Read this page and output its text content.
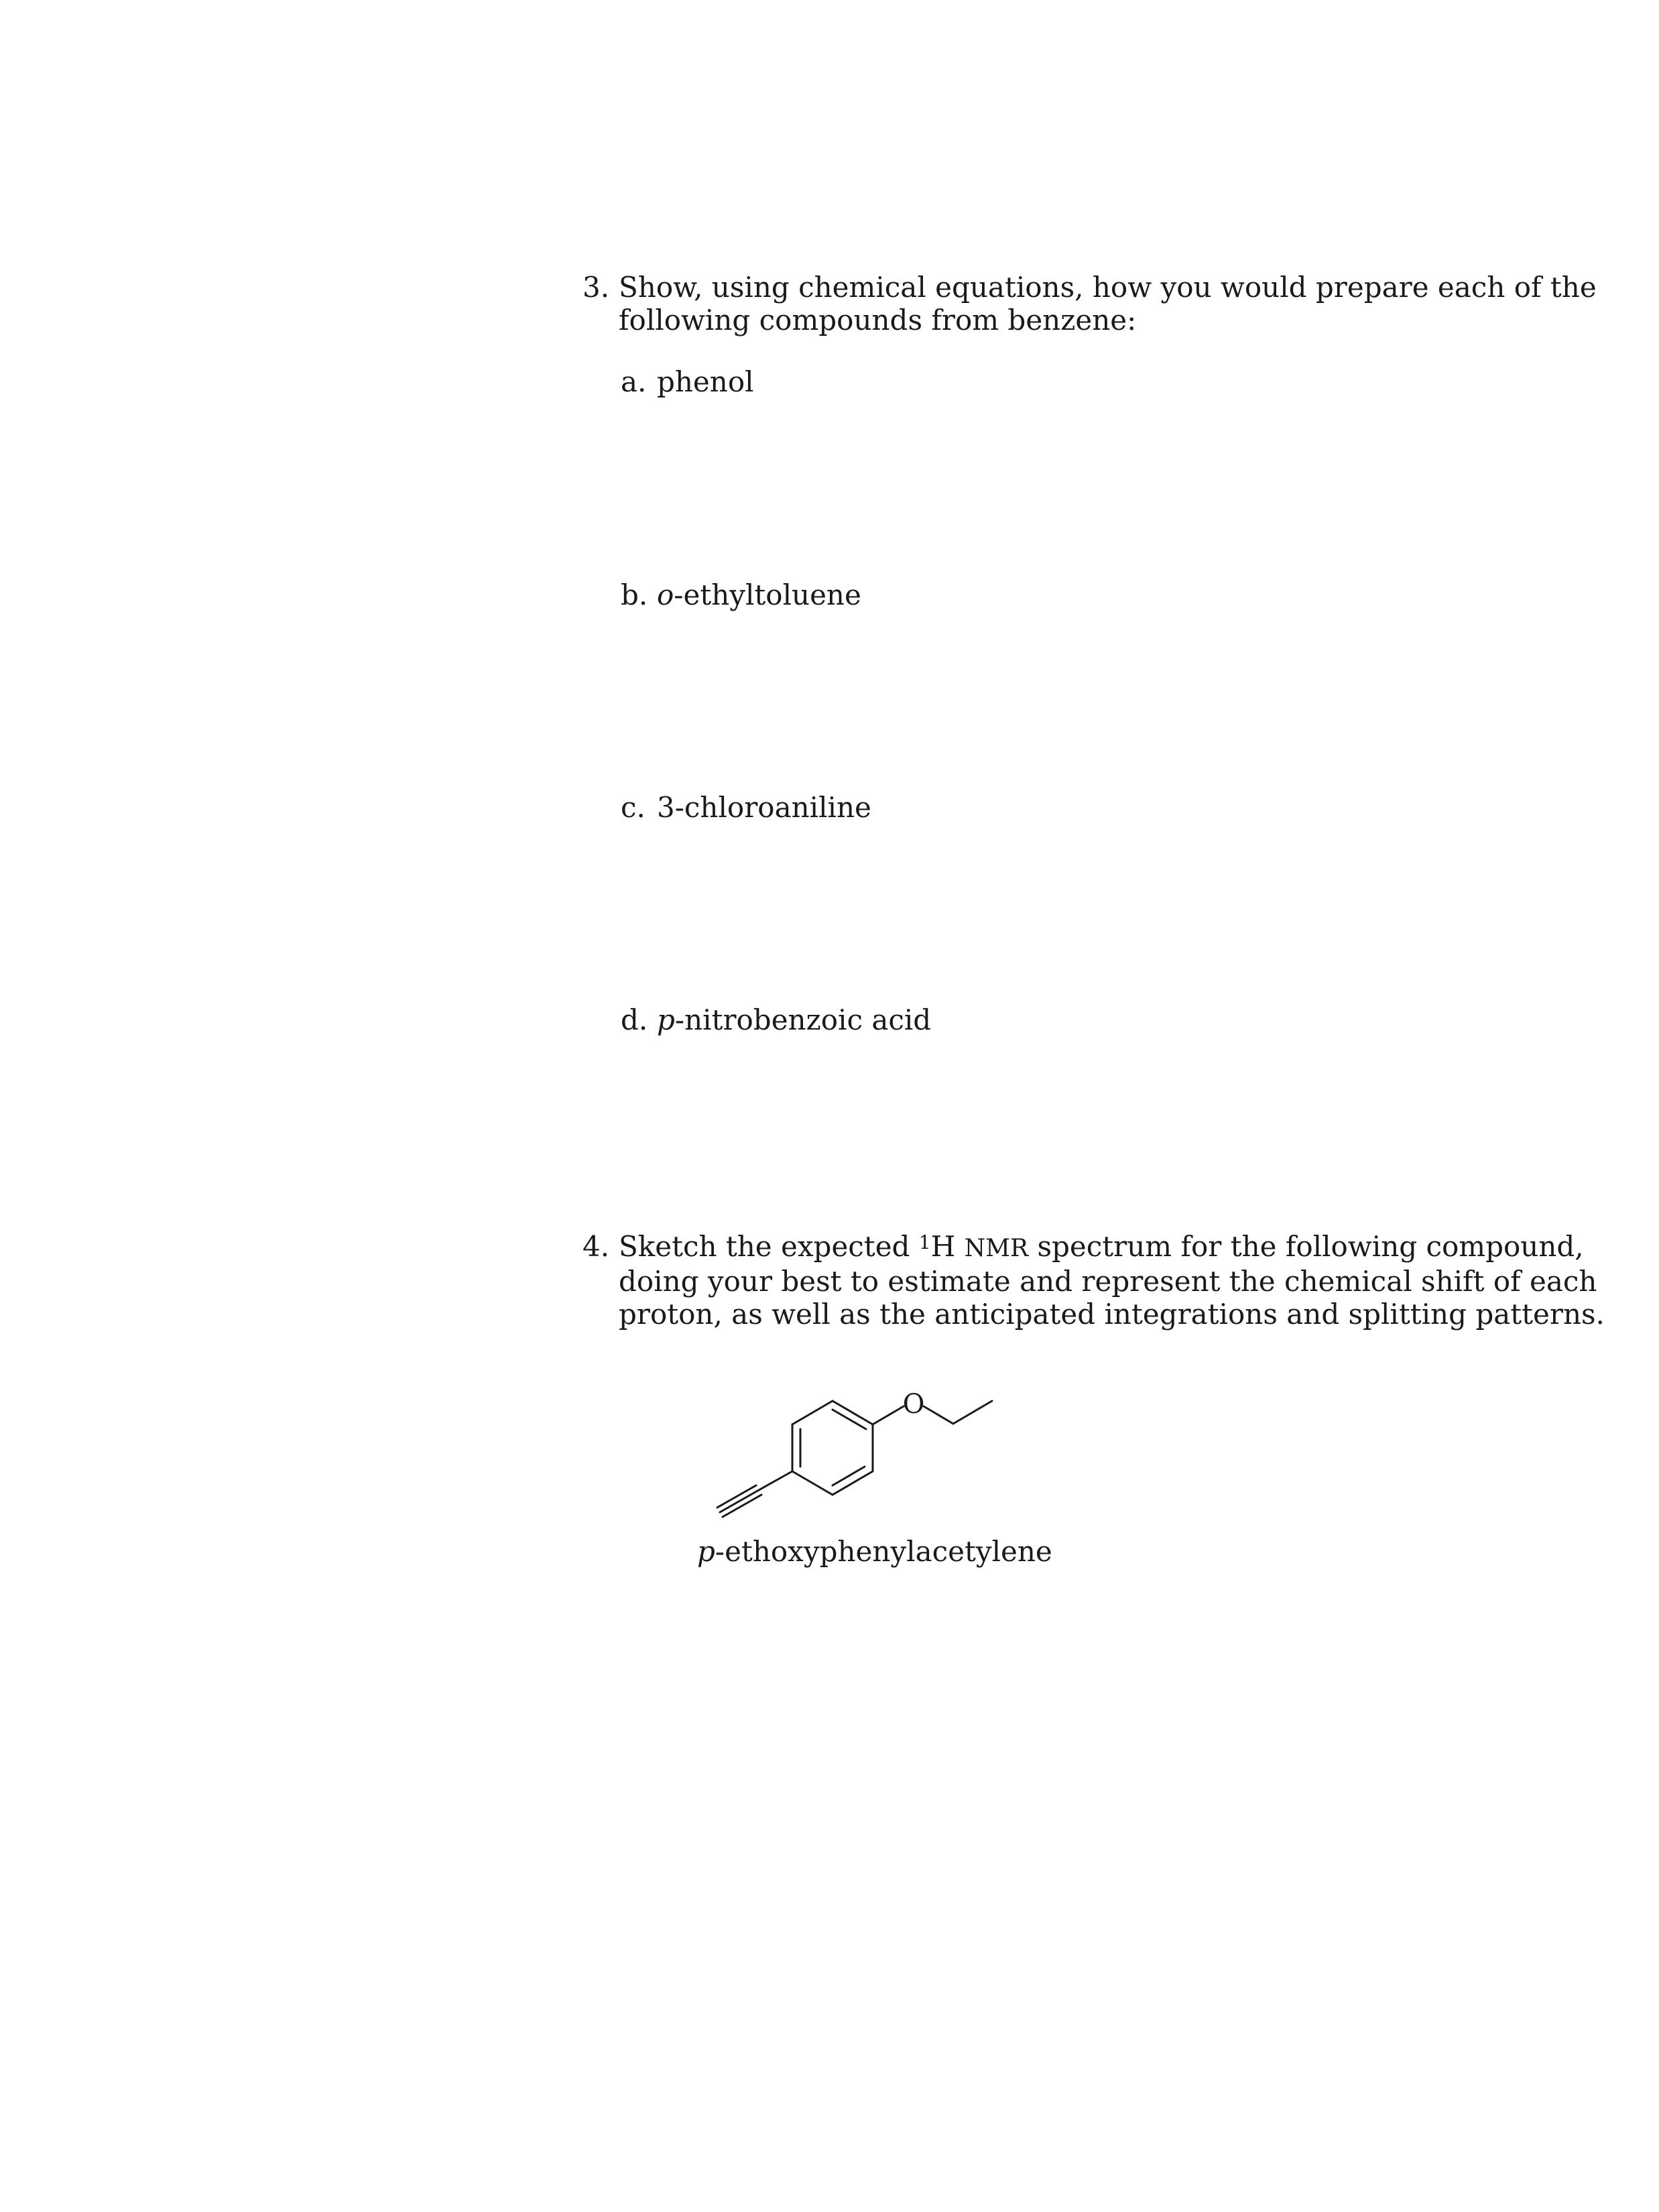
3. Show, using chemical equations, how you would prepare each of the
following compounds from benzene:
a. phenol
b. o-ethyltoluene
c. 3-chloroaniline
d. p-nitrobenzoic acid
4. Sketch the expected $^1$H NMR spectrum for the following compound,
doing your best to estimate and represent the chemical shift of each
proton, as well as the anticipated integrations and splitting patterns.
O
p-ethoxyphenylacetylene
